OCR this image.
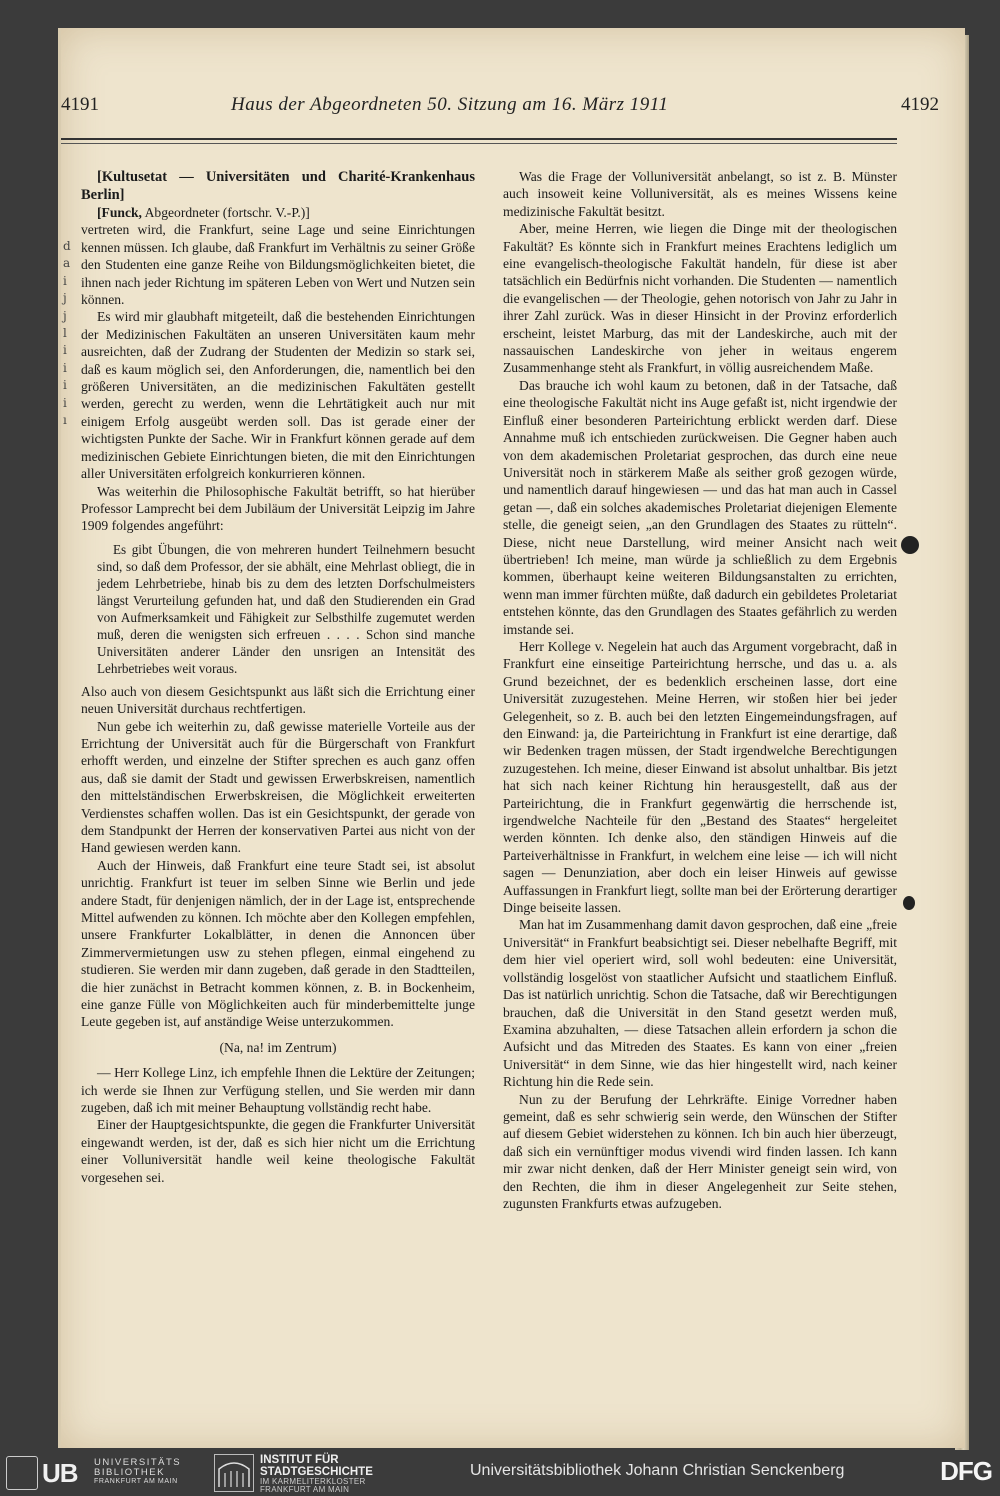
4191	Haus der Abgeordneten 50. Sitzung am 16. März 1911	4192
d a i j j l i i i i ı

[Kultusetat — Universitäten und Charité-Krankenhaus Berlin]

[Funck, Abgeordneter (fortschr. V.-P.)]

vertreten wird, die Frankfurt, seine Lage und seine Einrichtungen kennen müssen. Ich glaube, daß Frankfurt im Verhältnis zu seiner Größe den Studenten eine ganze Reihe von Bildungsmöglichkeiten bietet, die ihnen nach jeder Richtung im späteren Leben von Wert und Nutzen sein können.

Es wird mir glaubhaft mitgeteilt, daß die bestehenden Einrichtungen der Medizinischen Fakultäten an unseren Universitäten kaum mehr ausreichten, daß der Zudrang der Studenten der Medizin so stark sei, daß es kaum möglich sei, den Anforderungen, die, namentlich bei den größeren Universitäten, an die medizinischen Fakultäten gestellt werden, gerecht zu werden, wenn die Lehrtätigkeit auch nur mit einigem Erfolg ausgeübt werden soll. Das ist gerade einer der wichtigsten Punkte der Sache. Wir in Frankfurt können gerade auf dem medizinischen Gebiete Einrichtungen bieten, die mit den Einrichtungen aller Universitäten erfolgreich konkurrieren können.

Was weiterhin die Philosophische Fakultät betrifft, so hat hierüber Professor Lamprecht bei dem Jubiläum der Universität Leipzig im Jahre 1909 folgendes angeführt:

Es gibt Übungen, die von mehreren hundert Teilnehmern besucht sind, so daß dem Professor, der sie abhält, eine Mehrlast obliegt, die in jedem Lehrbetriebe, hinab bis zu dem des letzten Dorfschulmeisters längst Verurteilung gefunden hat, und daß den Studierenden ein Grad von Aufmerksamkeit und Fähigkeit zur Selbsthilfe zugemutet werden muß, deren die wenigsten sich erfreuen . . . . Schon sind manche Universitäten anderer Länder den unsrigen an Intensität des Lehrbetriebes weit voraus.

Also auch von diesem Gesichtspunkt aus läßt sich die Errichtung einer neuen Universität durchaus rechtfertigen.

Nun gebe ich weiterhin zu, daß gewisse materielle Vorteile aus der Errichtung der Universität auch für die Bürgerschaft von Frankfurt erhofft werden, und einzelne der Stifter sprechen es auch ganz offen aus, daß sie damit der Stadt und gewissen Erwerbskreisen, namentlich den mittelständischen Erwerbskreisen, die Möglichkeit erweiterten Verdienstes schaffen wollen. Das ist ein Gesichtspunkt, der gerade von dem Standpunkt der Herren der konservativen Partei aus nicht von der Hand gewiesen werden kann.

Auch der Hinweis, daß Frankfurt eine teure Stadt sei, ist absolut unrichtig. Frankfurt ist teuer im selben Sinne wie Berlin und jede andere Stadt, für denjenigen nämlich, der in der Lage ist, entsprechende Mittel aufwenden zu können. Ich möchte aber den Kollegen empfehlen, unsere Frankfurter Lokalblätter, in denen die Annoncen über Zimmervermietungen usw zu stehen pflegen, einmal eingehend zu studieren. Sie werden mir dann zugeben, daß gerade in den Stadtteilen, die hier zunächst in Betracht kommen können, z. B. in Bockenheim, eine ganze Fülle von Möglichkeiten auch für minderbemittelte junge Leute gegeben ist, auf anständige Weise unterzukommen.

(Na, na! im Zentrum)

— Herr Kollege Linz, ich empfehle Ihnen die Lektüre der Zeitungen; ich werde sie Ihnen zur Verfügung stellen, und Sie werden mir dann zugeben, daß ich mit meiner Behauptung vollständig recht habe.

Einer der Hauptgesichtspunkte, die gegen die Frankfurter Universität eingewandt werden, ist der, daß es sich hier nicht um die Errichtung einer Volluniversität handle weil keine theologische Fakultät vorgesehen sei.

Was die Frage der Volluniversität anbelangt, so ist z. B. Münster auch insoweit keine Volluniversität, als es meines Wissens keine medizinische Fakultät besitzt.

Aber, meine Herren, wie liegen die Dinge mit der theologischen Fakultät? Es könnte sich in Frankfurt meines Erachtens lediglich um eine evangelisch-theologische Fakultät handeln, für diese ist aber tatsächlich ein Bedürfnis nicht vorhanden. Die Studenten — namentlich die evangelischen — der Theologie, gehen notorisch von Jahr zu Jahr in ihrer Zahl zurück. Was in dieser Hinsicht in der Provinz erforderlich erscheint, leistet Marburg, das mit der Landeskirche, auch mit der nassauischen Landeskirche von jeher in weitaus engerem Zusammenhange steht als Frankfurt, in völlig ausreichendem Maße.

Das brauche ich wohl kaum zu betonen, daß in der Tatsache, daß eine theologische Fakultät nicht ins Auge gefaßt ist, nicht irgendwie der Einfluß einer besonderen Parteirichtung erblickt werden darf. Diese Annahme muß ich entschieden zurückweisen. Die Gegner haben auch von dem akademischen Proletariat gesprochen, das durch eine neue Universität noch in stärkerem Maße als seither groß gezogen würde, und namentlich darauf hingewiesen — und das hat man auch in Cassel getan —, daß ein solches akademisches Proletariat diejenigen Elemente stelle, die geneigt seien, „an den Grundlagen des Staates zu rütteln“. Diese, nicht neue Darstellung, wird meiner Ansicht nach weit übertrieben! Ich meine, man würde ja schließlich zu dem Ergebnis kommen, überhaupt keine weiteren Bildungsanstalten zu errichten, wenn man immer fürchten müßte, daß dadurch ein gebildetes Proletariat entstehen könnte, das den Grundlagen des Staates gefährlich zu werden imstande sei.

Herr Kollege v. Negelein hat auch das Argument vorgebracht, daß in Frankfurt eine einseitige Parteirichtung herrsche, und das u. a. als Grund bezeichnet, der es bedenklich erscheinen lasse, dort eine Universität zuzugestehen. Meine Herren, wir stoßen hier bei jeder Gelegenheit, so z. B. auch bei den letzten Eingemeindungsfragen, auf den Einwand: ja, die Parteirichtung in Frankfurt ist eine derartige, daß wir Bedenken tragen müssen, der Stadt irgendwelche Berechtigungen zuzugestehen. Ich meine, dieser Einwand ist absolut unhaltbar. Bis jetzt hat sich nach keiner Richtung hin herausgestellt, daß aus der Parteirichtung, die in Frankfurt gegenwärtig die herrschende ist, irgendwelche Nachteile für den „Bestand des Staates“ hergeleitet werden könnten. Ich denke also, den ständigen Hinweis auf die Parteiverhältnisse in Frankfurt, in welchem eine leise — ich will nicht sagen — Denunziation, aber doch ein leiser Hinweis auf gewisse Auffassungen in Frankfurt liegt, sollte man bei der Erörterung derartiger Dinge beiseite lassen.

Man hat im Zusammenhang damit davon gesprochen, daß eine „freie Universität“ in Frankfurt beabsichtigt sei. Dieser nebelhafte Begriff, mit dem hier viel operiert wird, soll wohl bedeuten: eine Universität, vollständig losgelöst von staatlicher Aufsicht und staatlichem Einfluß. Das ist natürlich unrichtig. Schon die Tatsache, daß wir Berechtigungen brauchen, daß die Universität in den Stand gesetzt werden muß, Examina abzuhalten, — diese Tatsachen allein erfordern ja schon die Aufsicht und das Mitreden des Staates. Es kann von einer „freien Universität“ in dem Sinne, wie das hier hingestellt wird, nach keiner Richtung hin die Rede sein.

Nun zu der Berufung der Lehrkräfte. Einige Vorredner haben gemeint, daß es sehr schwierig sein werde, den Wünschen der Stifter auf diesem Gebiet widerstehen zu können. Ich bin auch hier überzeugt, daß sich ein vernünftiger modus vivendi wird finden lassen. Ich kann mir zwar nicht denken, daß der Herr Minister geneigt sein wird, von den Rechten, die ihm in dieser Angelegenheit zur Seite stehen, zugunsten Frankfurts etwas aufzugeben.

UB UNIVERSITÄTS
BIBLIOTHEK
FRANKFURT AM MAIN
INSTITUT FÜR
STADTGESCHICHTE
IM KARMELITERKLOSTER
FRANKFURT AM MAIN
Universitätsbibliothek Johann Christian Senckenberg	DFG
